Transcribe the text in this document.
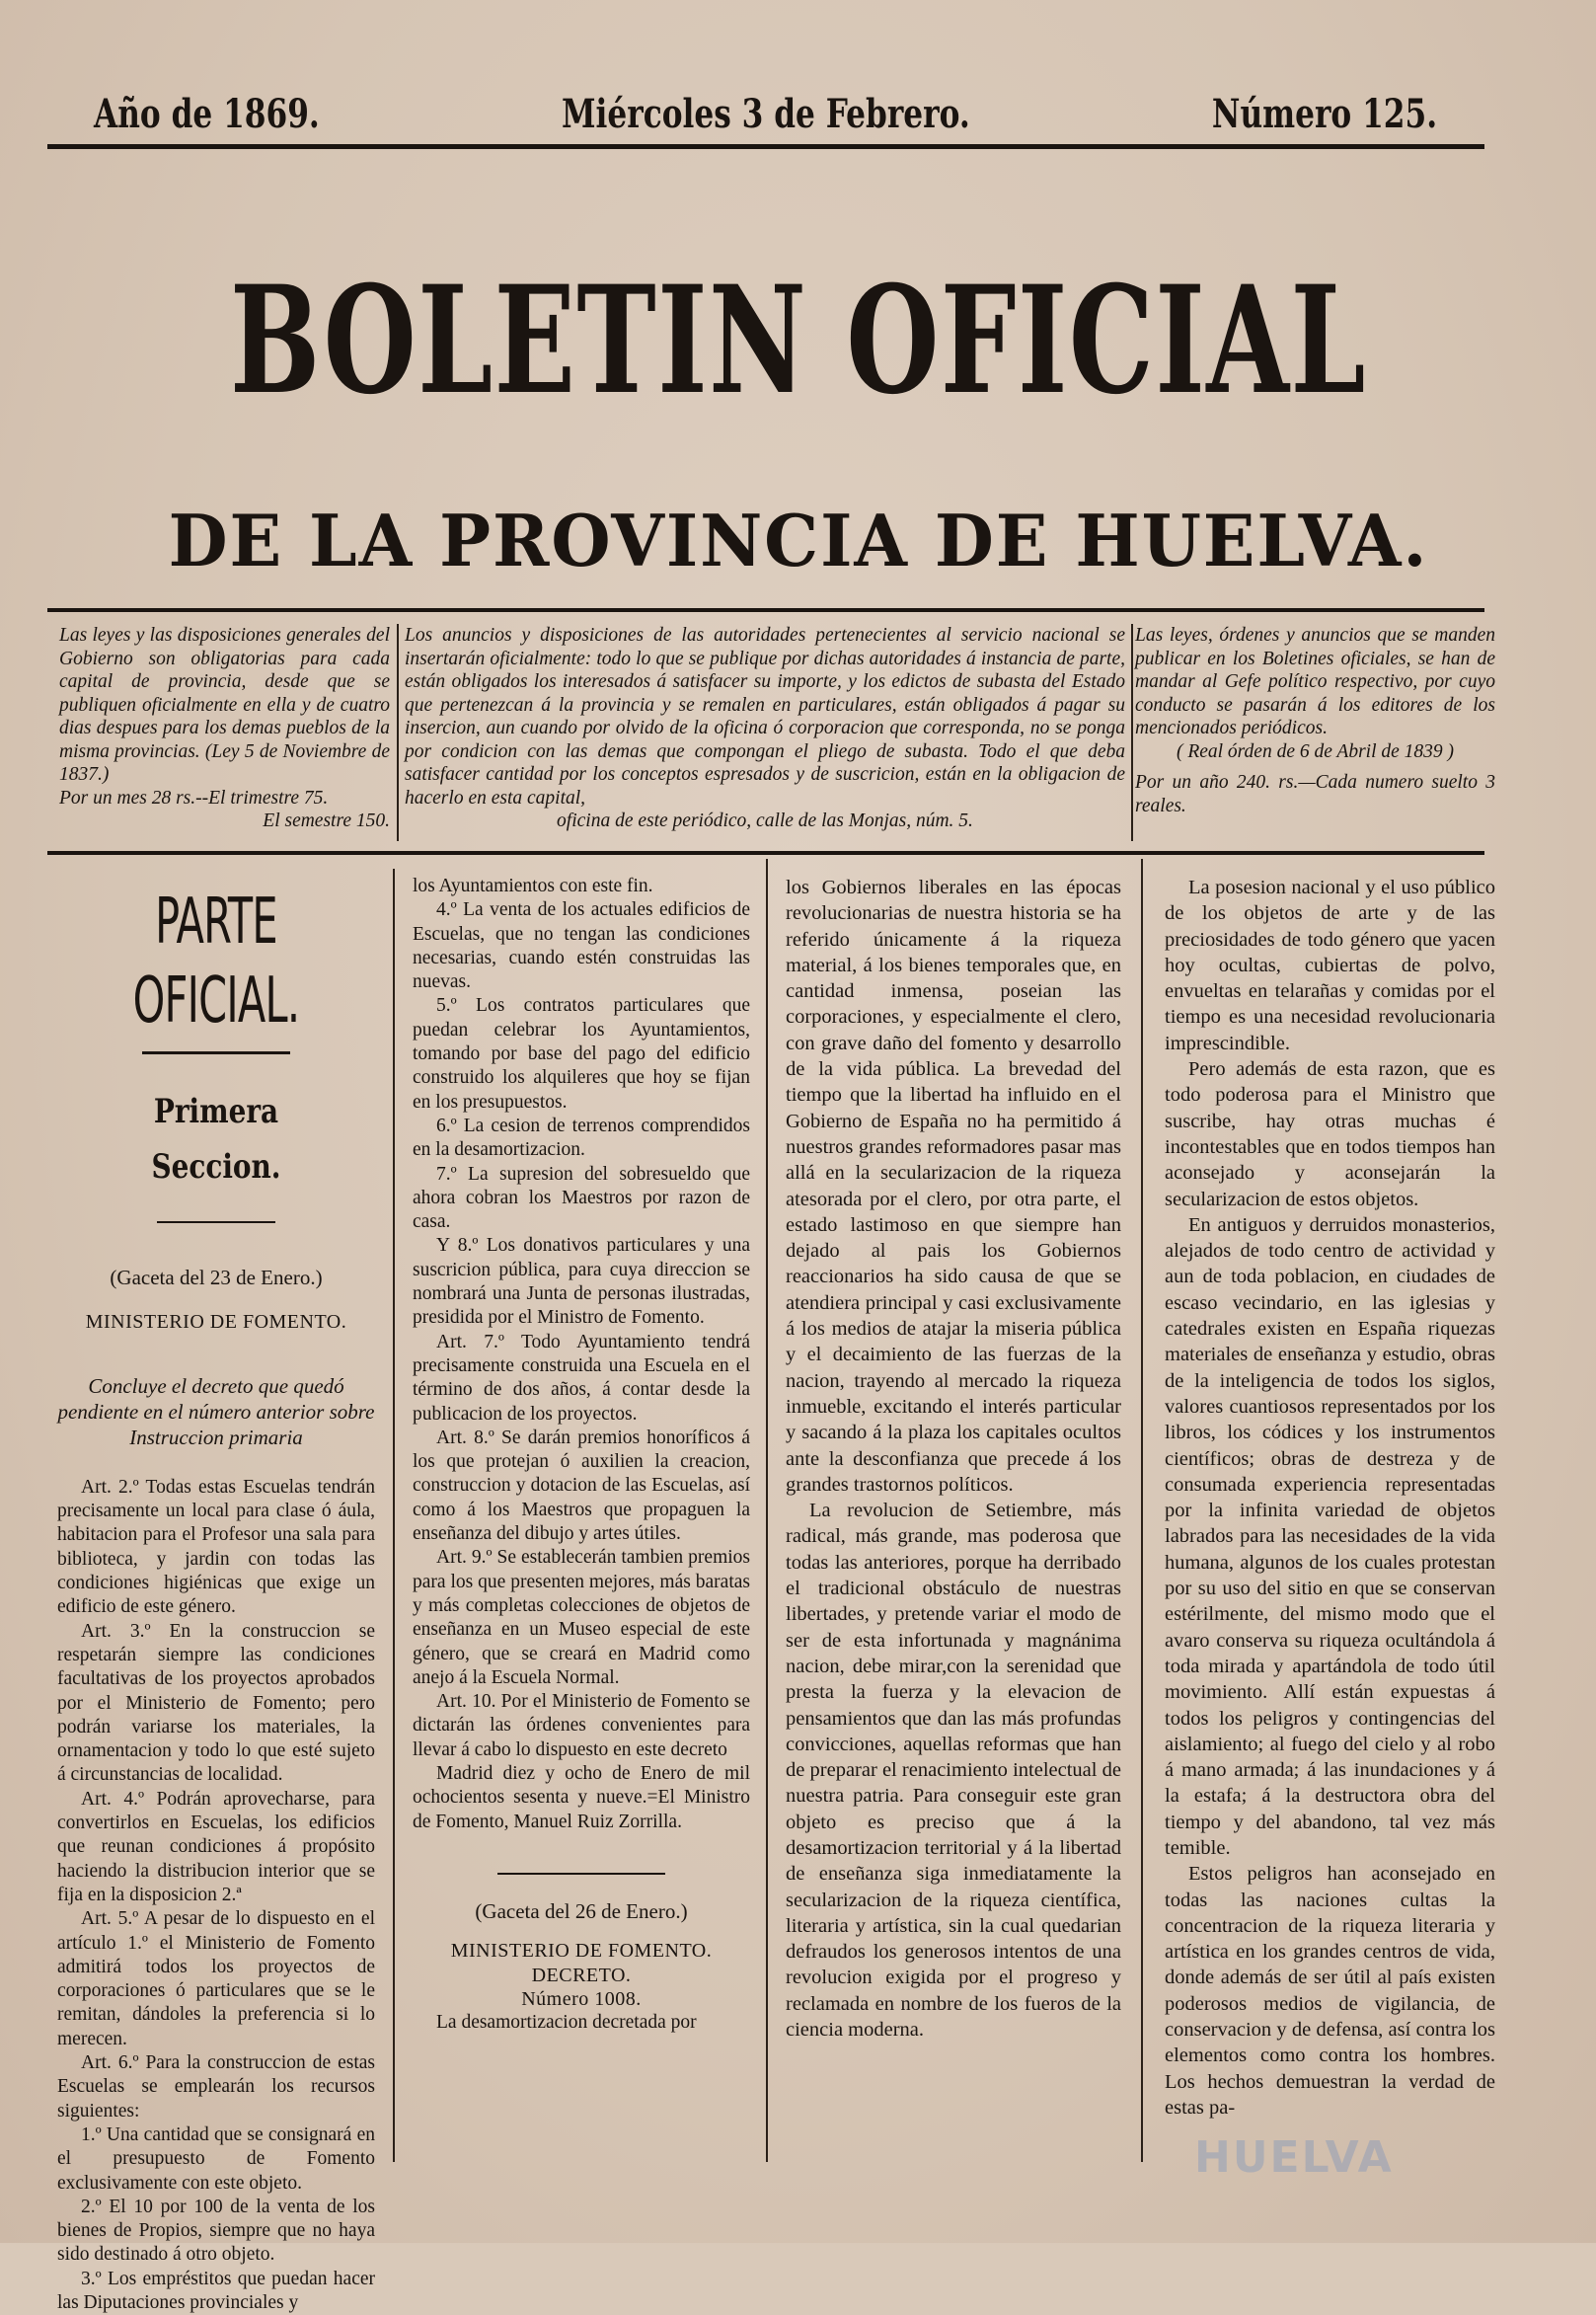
Año de 1869.	Miércoles 3 de Febrero.	Número 125.
BOLETIN OFICIAL
DE LA PROVINCIA DE HUELVA.

Las leyes y las disposiciones generales del Gobierno son obligatorias para cada capital de provincia, desde que se publiquen oficialmente en ella y de cuatro dias despues para los demas pueblos de la misma provincias. (Ley 5 de Noviembre de 1837.)

Por un mes 28 rs.--El trimestre 75.

El semestre 150.

Los anuncios y disposiciones de las autoridades pertenecientes al servicio nacional se insertarán oficialmente: todo lo que se publique por dichas autoridades á instancia de parte, están obligados los interesados á satisfacer su importe, y los edictos de subasta del Estado que pertenezcan á la provincia y se remalen en particulares, están obligados á pagar su insercion, aun cuando por olvido de la oficina ó corporacion que corresponda, no se ponga por condicion con las demas que compongan el pliego de subasta. Todo el que deba satisfacer cantidad por los conceptos espresados y de suscricion, están en la obligacion de hacerlo en esta capital,

oficina de este periódico, calle de las Monjas, núm. 5.

Las leyes, órdenes y anuncios que se manden publicar en los Boletines oficiales, se han de mandar al Gefe político respectivo, por cuyo conducto se pasarán á los editores de los mencionados periódicos.

( Real órden de 6 de Abril de 1839 )

Por un año 240. rs.—Cada numero suelto 3 reales.

PARTE OFICIAL.

Primera Seccion.

(Gaceta del 23 de Enero.)

MINISTERIO DE FOMENTO.

Concluye el decreto que quedó pendiente en el número anterior sobre Instruccion primaria

Art. 2.º Todas estas Escuelas tendrán precisamente un local para clase ó áula, habitacion para el Profesor una sala para biblioteca, y jardin con todas las condiciones higiénicas que exige un edificio de este género.

Art. 3.º En la construccion se respetarán siempre las condiciones facultativas de los proyectos aprobados por el Ministerio de Fomento; pero podrán variarse los materiales, la ornamentacion y todo lo que esté sujeto á circunstancias de localidad.

Art. 4.º Podrán aprovecharse, para convertirlos en Escuelas, los edificios que reunan condiciones á propósito haciendo la distribucion interior que se fija en la disposicion 2.ª

Art. 5.º A pesar de lo dispuesto en el artículo 1.º el Ministerio de Fomento admitirá todos los proyectos de corporaciones ó particulares que se le remitan, dándoles la preferencia si lo merecen.

Art. 6.º Para la construccion de estas Escuelas se emplearán los recursos siguientes:

1.º Una cantidad que se consignará en el presupuesto de Fomento exclusivamente con este objeto.

2.º El 10 por 100 de la venta de los bienes de Propios, siempre que no haya sido destinado á otro objeto.

3.º Los empréstitos que puedan hacer las Diputaciones provinciales y

los Ayuntamientos con este fin.

4.º La venta de los actuales edificios de Escuelas, que no tengan las condiciones necesarias, cuando estén construidas las nuevas.

5.º Los contratos particulares que puedan celebrar los Ayuntamientos, tomando por base del pago del edificio construido los alquileres que hoy se fijan en los presupuestos.

6.º La cesion de terrenos comprendidos en la desamortizacion.

7.º La supresion del sobresueldo que ahora cobran los Maestros por razon de casa.

Y 8.º Los donativos particulares y una suscricion pública, para cuya direccion se nombrará una Junta de personas ilustradas, presidida por el Ministro de Fomento.

Art. 7.º Todo Ayuntamiento tendrá precisamente construida una Escuela en el término de dos años, á contar desde la publicacion de los proyectos.

Art. 8.º Se darán premios honoríficos á los que protejan ó auxilien la creacion, construccion y dotacion de las Escuelas, así como á los Maestros que propaguen la enseñanza del dibujo y artes útiles.

Art. 9.º Se establecerán tambien premios para los que presenten mejores, más baratas y más completas colecciones de objetos de enseñanza en un Museo especial de este género, que se creará en Madrid como anejo á la Escuela Normal.

Art. 10. Por el Ministerio de Fomento se dictarán las órdenes convenientes para llevar á cabo lo dispuesto en este decreto

Madrid diez y ocho de Enero de mil ochocientos sesenta y nueve.=El Ministro de Fomento, Manuel Ruiz Zorrilla.

(Gaceta del 26 de Enero.)

MINISTERIO DE FOMENTO.

DECRETO.

Número 1008.

La desamortizacion decretada por

los Gobiernos liberales en las épocas revolucionarias de nuestra historia se ha referido únicamente á la riqueza material, á los bienes temporales que, en cantidad inmensa, poseian las corporaciones, y especialmente el clero, con grave daño del fomento y desarrollo de la vida pública. La brevedad del tiempo que la libertad ha influido en el Gobierno de España no ha permitido á nuestros grandes reformadores pasar mas allá en la secularizacion de la riqueza atesorada por el clero, por otra parte, el estado lastimoso en que siempre han dejado al pais los Gobiernos reaccionarios ha sido causa de que se atendiera principal y casi exclusivamente á los medios de atajar la miseria pública y el decaimiento de las fuerzas de la nacion, trayendo al mercado la riqueza inmueble, excitando el interés particular y sacando á la plaza los capitales ocultos ante la desconfianza que precede á los grandes trastornos políticos.

La revolucion de Setiembre, más radical, más grande, mas poderosa que todas las anteriores, porque ha derribado el tradicional obstáculo de nuestras libertades, y pretende variar el modo de ser de esta infortunada y magnánima nacion, debe mirar,con la serenidad que presta la fuerza y la elevacion de pensamientos que dan las más profundas convicciones, aquellas reformas que han de preparar el renacimiento intelectual de nuestra patria. Para conseguir este gran objeto es preciso que á la desamortizacion territorial y á la libertad de enseñanza siga inmediatamente la secularizacion de la riqueza científica, literaria y artística, sin la cual quedarian defraudos los generosos intentos de una revolucion exigida por el progreso y reclamada en nombre de los fueros de la ciencia moderna.

La posesion nacional y el uso público de los objetos de arte y de las preciosidades de todo género que yacen hoy ocultas, cubiertas de polvo, envueltas en telarañas y comidas por el tiempo es una necesidad revolucionaria imprescindible.

Pero además de esta razon, que es todo poderosa para el Ministro que suscribe, hay otras muchas é incontestables que en todos tiempos han aconsejado y aconsejarán la secularizacion de estos objetos.

En antiguos y derruidos monasterios, alejados de todo centro de actividad y aun de toda poblacion, en ciudades de escaso vecindario, en las iglesias y catedrales existen en España riquezas materiales de enseñanza y estudio, obras de la inteligencia de todos los siglos, valores cuantiosos representados por los libros, los códices y los instrumentos científicos; obras de destreza y de consumada experiencia representadas por la infinita variedad de objetos labrados para las necesidades de la vida humana, algunos de los cuales protestan por su uso del sitio en que se conservan estérilmente, del mismo modo que el avaro conserva su riqueza ocultándola á toda mirada y apartándola de todo útil movimiento. Allí están expuestas á todos los peligros y contingencias del aislamiento; al fuego del cielo y al robo á mano armada; á las inundaciones y á la estafa; á la destructora obra del tiempo y del abandono, tal vez más temible.

Estos peligros han aconsejado en todas las naciones cultas la concentracion de la riqueza literaria y artística en los grandes centros de vida, donde además de ser útil al país existen poderosos medios de vigilancia, de conservacion y de defensa, así contra los elementos como contra los hombres. Los hechos demuestran la verdad de estas pa-

HUELVA
